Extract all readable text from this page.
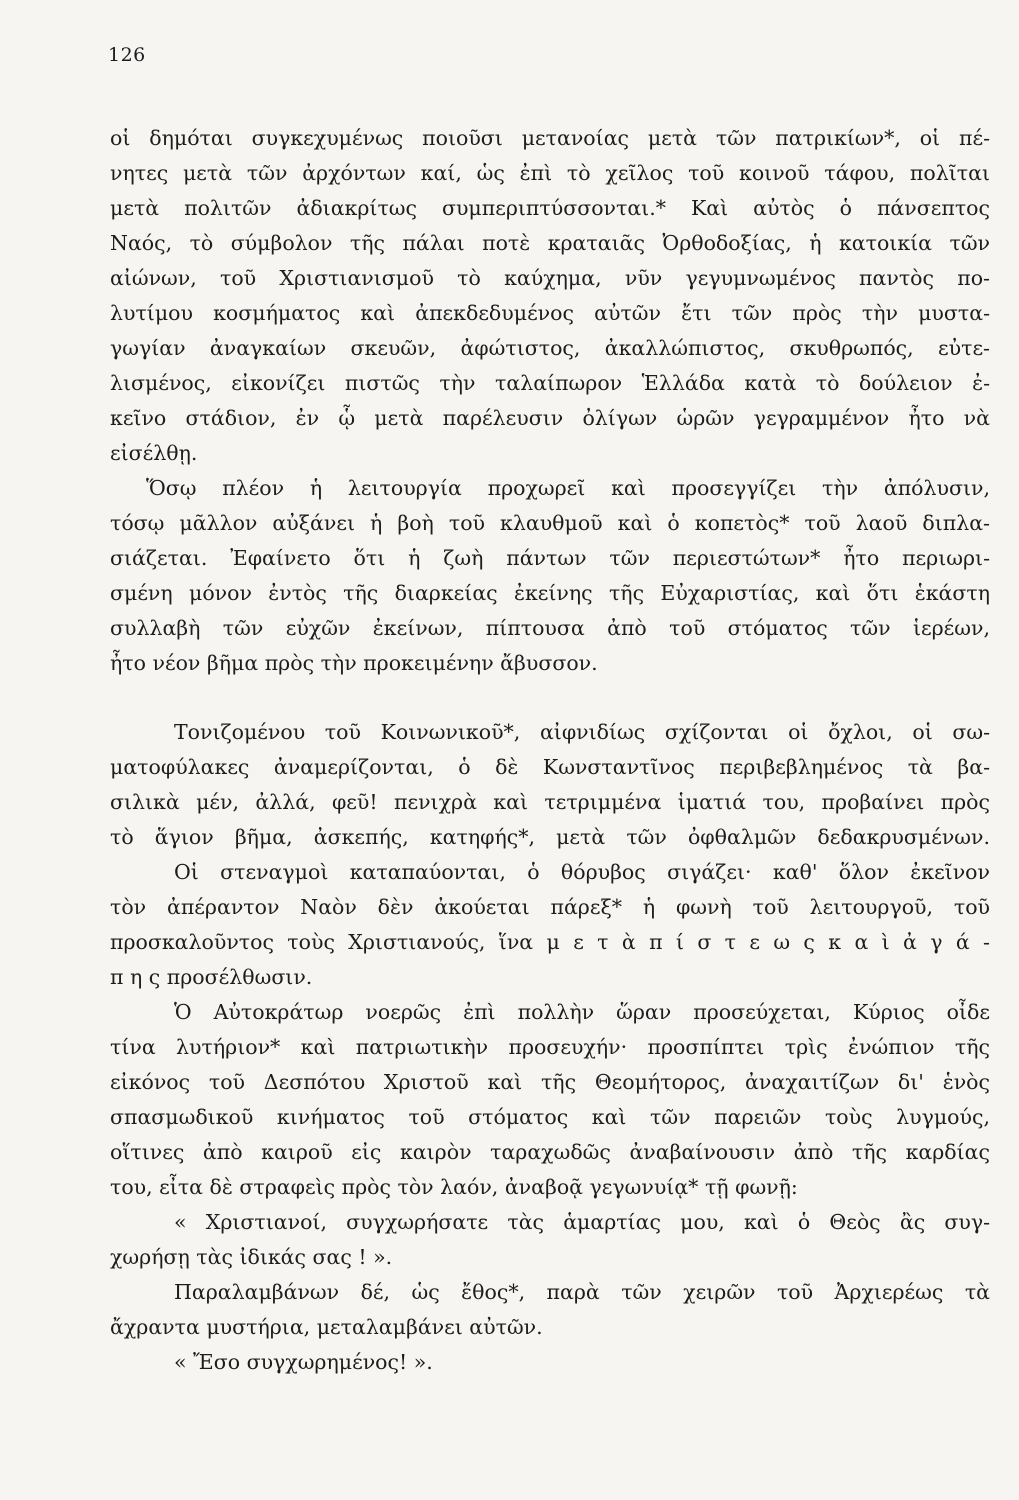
126
οἱ δημόται συγκεχυμένως ποιοῦσι μετανοίας μετὰ τῶν πατρικίων*, οἱ πέ-
νητες μετὰ τῶν ἀρχόντων καί, ὡς ἐπὶ τὸ χεῖλος τοῦ κοινοῦ τάφου, πολῖται
μετὰ πολιτῶν ἀδιακρίτως συμπεριπτύσσονται.* Καὶ αὐτὸς ὁ πάνσεπτος
Ναός, τὸ σύμβολον τῆς πάλαι ποτὲ κραταιᾶς Ὀρθοδοξίας, ἡ κατοικία τῶν
αἰώνων, τοῦ Χριστιανισμοῦ τὸ καύχημα, νῦν γεγυμνωμένος παντὸς πο-
λυτίμου κοσμήματος καὶ ἀπεκδεδυμένος αὐτῶν ἔτι τῶν πρὸς τὴν μυστα-
γωγίαν ἀναγκαίων σκευῶν, ἀφώτιστος, ἀκαλλώπιστος, σκυθρωπός, εὐτε-
λισμένος, εἰκονίζει πιστῶς τὴν ταλαίπωρον Ἑλλάδα κατὰ τὸ δούλειον ἐ-
κεῖνο στάδιον, ἐν ᾧ μετὰ παρέλευσιν ὀλίγων ὡρῶν γεγραμμένον ἦτο νὰ
εἰσέλθῃ.
Ὅσῳ πλέον ἡ λειτουργία προχωρεῖ καὶ προσεγγίζει τὴν ἀπόλυσιν,
τόσῳ μᾶλλον αὐξάνει ἡ βοὴ τοῦ κλαυθμοῦ καὶ ὁ κοπετὸς* τοῦ λαοῦ διπλα-
σιάζεται. Ἐφαίνετο ὅτι ἡ ζωὴ πάντων τῶν περιεστώτων* ἦτο περιωρι-
σμένη μόνον ἐντὸς τῆς διαρκείας ἐκείνης τῆς Εὐχαριστίας, καὶ ὅτι ἑκάστη
συλλαβὴ τῶν εὐχῶν ἐκείνων, πίπτουσα ἀπὸ τοῦ στόματος τῶν ἱερέων,
ἦτο νέον βῆμα πρὸς τὴν προκειμένην ἄβυσσον.
Τονιζομένου τοῦ Κοινωνικοῦ*, αἰφνιδίως σχίζονται οἱ ὄχλοι, οἱ σω-
ματοφύλακες ἀναμερίζονται, ὁ δὲ Κωνσταντῖνος περιβεβλημένος τὰ βα-
σιλικὰ μέν, ἀλλά, φεῦ! πενιχρὰ καὶ τετριμμένα ἱματιά του, προβαίνει πρὸς
τὸ ἅγιον βῆμα, ἀσκεπής, κατηφής*, μετὰ τῶν ὀφθαλμῶν δεδακρυσμένων.
Οἱ στεναγμοὶ καταπαύονται, ὁ θόρυβος σιγάζει· καθ' ὅλον ἐκεῖνον
τὸν ἀπέραντον Ναὸν δὲν ἀκούεται πάρεξ* ἡ φωνὴ τοῦ λειτουργοῦ, τοῦ
προσκαλοῦντος τοὺς Χριστιανούς, ἵνα μ ε τ ὰ π ί σ τ ε ω ς κ α ὶ ἀ γ ά -
π η ς προσέλθωσιν.
Ὁ Αὐτοκράτωρ νοερῶς ἐπὶ πολλὴν ὥραν προσεύχεται, Κύριος οἶδε
τίνα λυτήριον* καὶ πατριωτικὴν προσευχήν· προσπίπτει τρὶς ἐνώπιον τῆς
εἰκόνος τοῦ Δεσπότου Χριστοῦ καὶ τῆς Θεομήτορος, ἀναχαιτίζων δι' ἑνὸς
σπασμωδικοῦ κινήματος τοῦ στόματος καὶ τῶν παρειῶν τοὺς λυγμούς,
οἵτινες ἀπὸ καιροῦ εἰς καιρὸν ταραχωδῶς ἀναβαίνουσιν ἀπὸ τῆς καρδίας
του, εἶτα δὲ στραφεὶς πρὸς τὸν λαόν, ἀναβοᾷ γεγωνυίᾳ* τῇ φωνῇ:
« Χριστιανοί, συγχωρήσατε τὰς ἁμαρτίας μου, καὶ ὁ Θεὸς ἂς συγ-
χωρήσῃ τὰς ἰδικάς σας ! ».
Παραλαμβάνων δέ, ὡς ἔθος*, παρὰ τῶν χειρῶν τοῦ Ἀρχιερέως τὰ
ἄχραντα μυστήρια, μεταλαμβάνει αὐτῶν.
« Ἔσο συγχωρημένος! ».
